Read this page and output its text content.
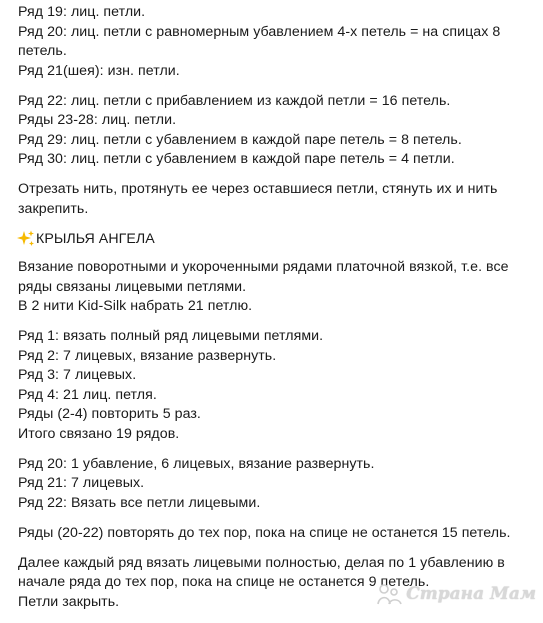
Ряд 19: лиц. петли.
Ряд 20: лиц. петли с равномерным убавлением 4-х петель = на спицах 8
петель.
Ряд 21(шея): изн. петли.
Ряд 22: лиц. петли с прибавлением из каждой петли = 16 петель.
Ряды 23-28: лиц. петли.
Ряд 29: лиц. петли с убавлением в каждой паре петель = 8 петель.
Ряд 30: лиц. петли с убавлением в каждой паре петель = 4 петли.
Отрезать нить, протянуть ее через оставшиеся петли, стянуть их и нить
закрепить.
КРЫЛЬЯ АНГЕЛА
Вязание поворотными и укороченными рядами платочной вязкой, т.е. все
ряды связаны лицевыми петлями.
В 2 нити Kid-Silk набрать 21 петлю.
Ряд 1: вязать полный ряд лицевыми петлями.
Ряд 2: 7 лицевых, вязание развернуть.
Ряд 3: 7 лицевых.
Ряд 4: 21 лиц. петля.
Ряды (2-4) повторить 5 раз.
Итого связано 19 рядов.
Ряд 20: 1 убавление, 6 лицевых, вязание развернуть.
Ряд 21: 7 лицевых.
Ряд 22: Вязать все петли лицевыми.
Ряды (20-22) повторять до тех пор, пока на спице не останется 15 петель.
Далее каждый ряд вязать лицевыми полностью, делая по 1 убавлению в
начале ряда до тех пор, пока на спице не останется 9 петель.
Петли закрыть.	Страна Мам
